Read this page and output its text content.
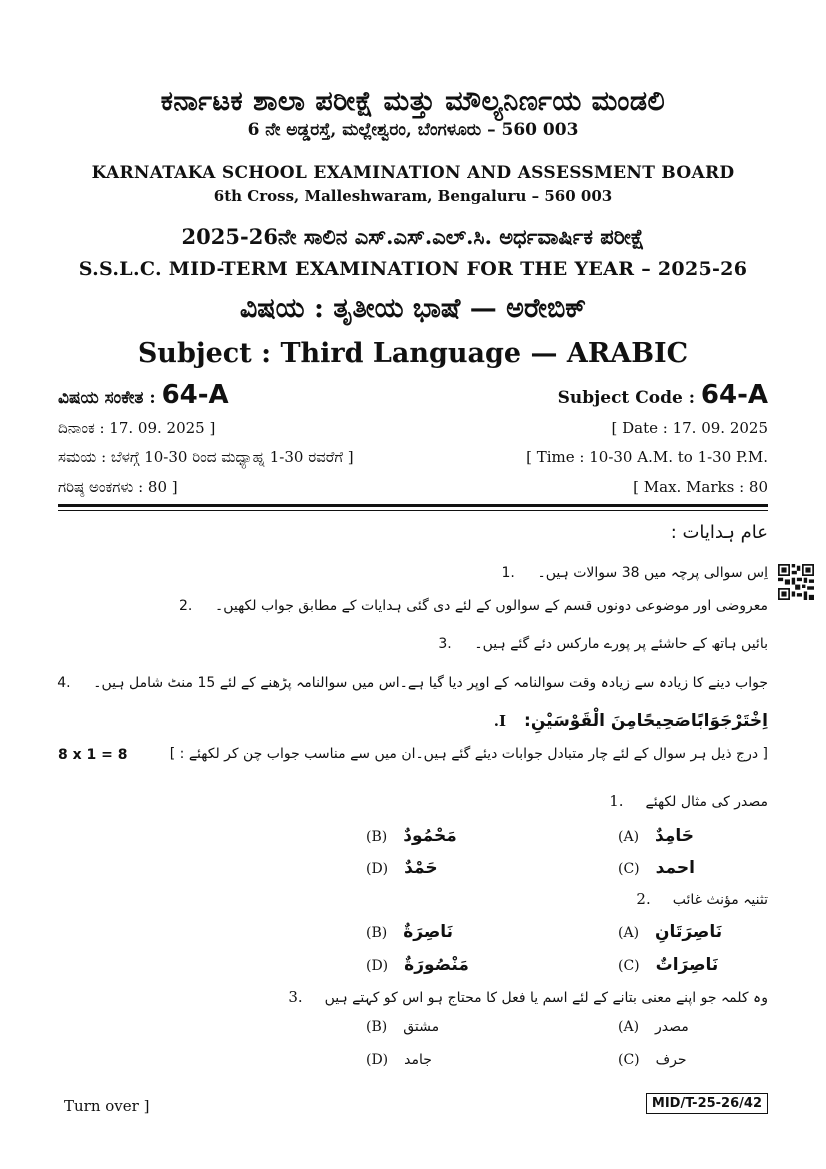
ಕರ್ನಾಟಕ ಶಾಲಾ ಪರೀಕ್ಷೆ ಮತ್ತು ಮೌಲ್ಯನಿರ್ಣಯ ಮಂಡಲಿ
6 ನೇ ಅಡ್ಡರಸ್ತೆ, ಮಲ್ಲೇಶ್ವರಂ, ಬೆಂಗಳೂರು – 560 003
KARNATAKA SCHOOL EXAMINATION AND ASSESSMENT BOARD
6th Cross, Malleshwaram, Bengaluru – 560 003
2025-26ನೇ ಸಾಲಿನ ಎಸ್.ಎಸ್.ಎಲ್.ಸಿ. ಅರ್ಧವಾರ್ಷಿಕ ಪರೀಕ್ಷೆ
S.S.L.C. MID-TERM EXAMINATION FOR THE YEAR – 2025-26
ವಿಷಯ : ತೃತೀಯ ಭಾಷೆ — ಅರೇಬಿಕ್
Subject : Third Language — ARABIC
ವಿಷಯ ಸಂಕೇತ : 64-A
ದಿನಾಂಕ : 17. 09. 2025 ]
ಸಮಯ : ಬೆಳಗ್ಗೆ 10-30 ರಿಂದ ಮಧ್ಯಾಹ್ನ 1-30 ರವರೆಗೆ ]
ಗರಿಷ್ಠ ಅಂಕಗಳು : 80 ]
Subject Code : 64-A
[ Date : 17. 09. 2025
[ Time : 10-30 A.M. to 1-30 P.M.
[ Max. Marks : 80
عام ہدایات :
1.	اِس سوالی پرچہ میں 38 سوالات ہیں۔
2.	معروضی اور موضوعی دونوں قسم کے سوالوں کے لئے دی گئی ہدایات کے مطابق جواب لکھیں۔
3.	بائیں ہاتھ کے حاشئے پر پورے مارکس دئے گئے ہیں۔
4.	جواب دینے کا زیادہ سے زیادہ وقت سوالنامہ کے اوپر دیا گیا ہے۔اس میں سوالنامہ پڑھنے کے لئے 15 منٹ شامل ہیں۔
I. اِخْتَرْجَوَابًاصَحِيحًامِنَ الْقَوْسَيْنِ:
[ درج ذیل ہر سوال کے لئے چار متبادل جوابات دیئے گئے ہیں۔ان میں سے مناسب جواب چن کر لکھئے : ]
8 x 1 = 8
1. مصدر کی مثال لکھئے
(A) حَامِدٌ
(B) مَحْمُودٌ
(C) احمد
(D) حَمْدٌ
2. تثنیہ مؤنث غائب
(A) نَاصِرَتَانِ
(B) نَاصِرَةٌ
(C) نَاصِرَاتٌ
(D) مَنْصُورَةٌ
3. وہ کلمہ جو اپنے معنی بتانے کے لئے اسم یا فعل کا محتاج ہو اس کو کہتے ہیں
(A) مصدر
(B) مشتق
(C) حرف
(D) جامد
Turn over ]	MID/T-25-26/42
